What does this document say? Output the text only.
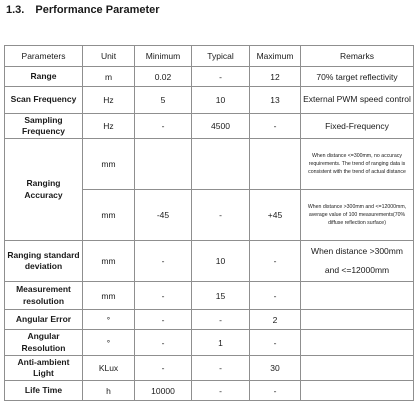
1.3. Performance Parameter
Parameters	Unit	Minimum	Typical	Maximum	Remarks
Range	m	0.02	-	12	70% target reflectivity
Scan Frequency	Hz	5	10	13	External PWM speed control
Sampling Frequency	Hz	-	4500	-	Fixed-Frequency
Ranging Accuracy	mm				When distance <=300mm, no accuracy requirements. The trend of ranging data is consistent with the trend of actual distance
	mm	-45	-	+45	When distance >300mm and <=12000mm, average value of 100 measurements(70% diffuse reflection surface)
Ranging standard deviation	mm	-	10	-	When distance >300mm and <=12000mm
Measurement resolution	mm	-	15	-	
Angular Error	°	-	-	2	
Angular Resolution	°	-	1	-	
Anti-ambient Light	KLux	-	-	30	
Life Time	h	10000	-	-	
